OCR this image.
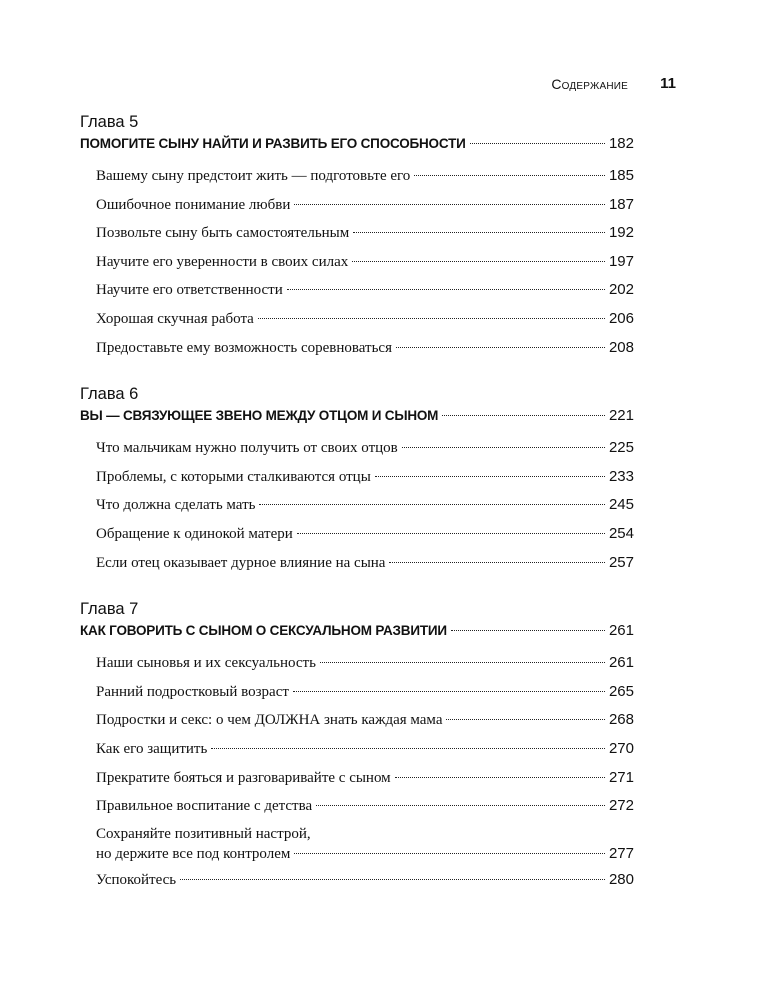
Содержание 11
Глава 5
ПОМОГИТЕ СЫНУ НАЙТИ И РАЗВИТЬ ЕГО СПОСОБНОСТИ	182
Вашему сыну предстоит жить — подготовьте его	185
Ошибочное понимание любви	187
Позвольте сыну быть самостоятельным	192
Научите его уверенности в своих силах	197
Научите его ответственности	202
Хорошая скучная работа	206
Предоставьте ему возможность соревноваться	208
Глава 6
ВЫ — СВЯЗУЮЩЕЕ ЗВЕНО МЕЖДУ ОТЦОМ И СЫНОМ	221
Что мальчикам нужно получить от своих отцов	225
Проблемы, с которыми сталкиваются отцы	233
Что должна сделать мать	245
Обращение к одинокой матери	254
Если отец оказывает дурное влияние на сына	257
Глава 7
КАК ГОВОРИТЬ С СЫНОМ О СЕКСУАЛЬНОМ РАЗВИТИИ	261
Наши сыновья и их сексуальность	261
Ранний подростковый возраст	265
Подростки и секс: о чем ДОЛЖНА знать каждая мама	268
Как его защитить	270
Прекратите бояться и разговаривайте с сыном	271
Правильное воспитание с детства	272
Сохраняйте позитивный настрой,
но держите все под контролем	277
Успокойтесь	280
